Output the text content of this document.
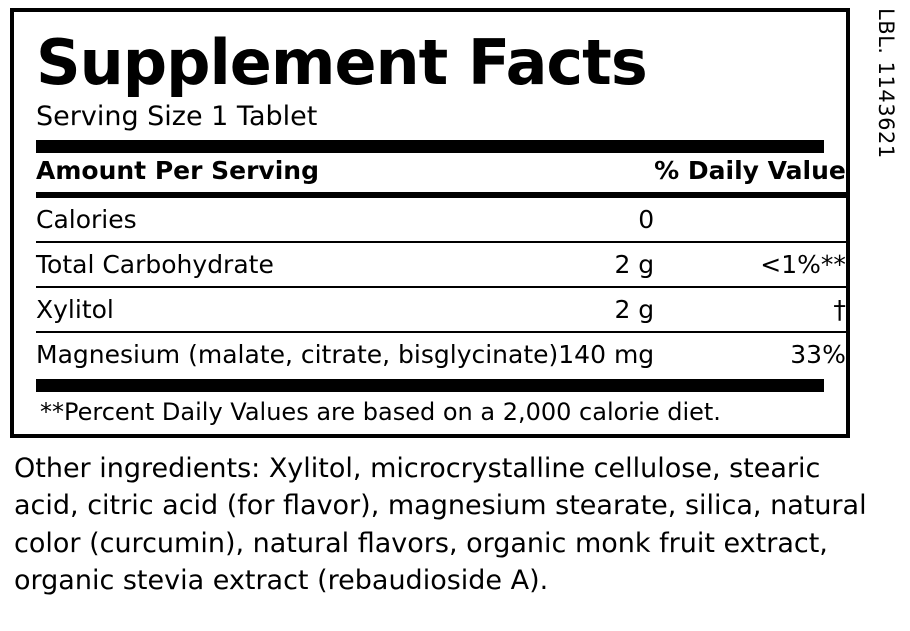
LBL. 1143621
Supplement Facts
Serving Size 1 Tablet
Amount Per Serving		% Daily Value

Calories	0	

Total Carbohydrate	2 g	<1%**

Xylitol	2 g	†

Magnesium (malate, citrate, bisglycinate)	140 mg	33%
**Percent Daily Values are based on a 2,000 calorie diet.
Other ingredients: Xylitol, microcrystalline cellulose, stearic acid, citric acid (for flavor), magnesium stearate, silica, natural color (curcumin), natural flavors, organic monk fruit extract, organic stevia extract (rebaudioside A).
